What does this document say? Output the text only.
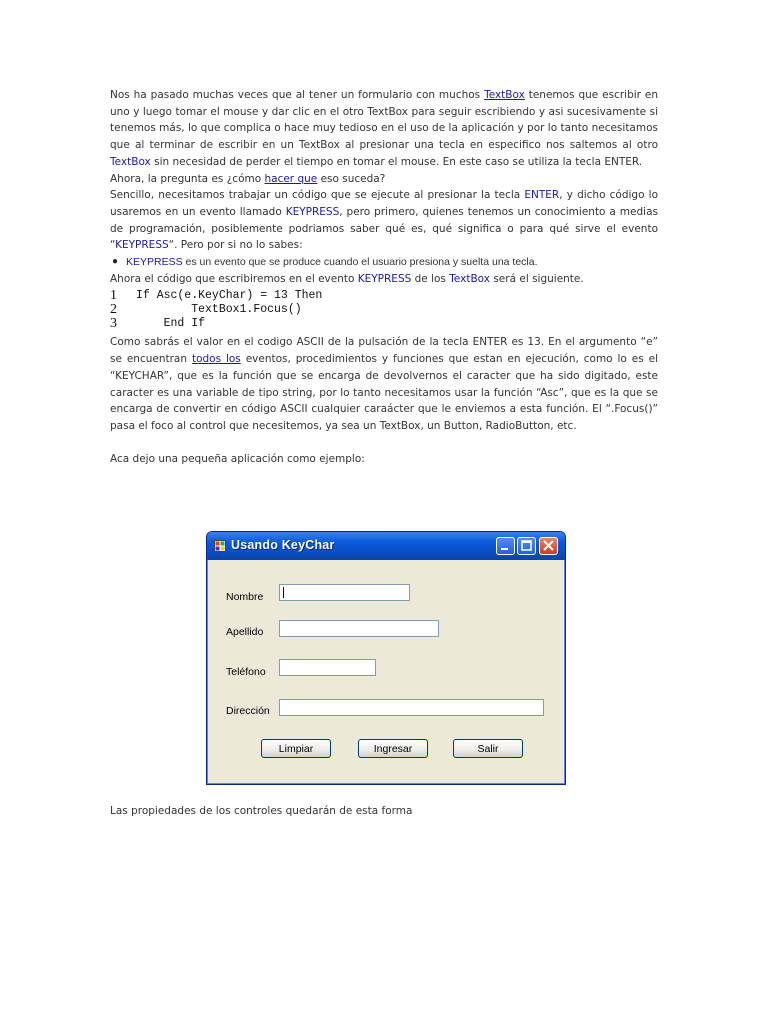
Nos ha pasado muchas veces que al tener un formulario con muchos TextBox tenemos que escribir en uno y luego tomar el mouse y dar clic en el otro TextBox para seguir escribiendo y asi sucesivamente si tenemos más, lo que complica o hace muy tedioso en el uso de la aplicación y por lo tanto necesitamos que al terminar de escribir en un TextBox al presionar una tecla en especifico nos saltemos al otro TextBox sin necesidad de perder el tiempo en tomar el mouse. En este caso se utiliza la tecla ENTER.

Ahora, la pregunta es ¿cómo hacer que eso suceda?

Sencillo, necesitamos trabajar un código que se ejecute al presionar la tecla ENTER, y dicho código lo usaremos en un evento llamado KEYPRESS, pero primero, quienes tenemos un conocimiento a medias de programación, posiblemente podriamos saber qué es, qué significa o para qué sirve el evento “KEYPRESS“. Pero por si no lo sabes:

● KEYPRESS es un evento que se produce cuando el usuario presiona y suelta una tecla.

Ahora el código que escribiremos en el evento KEYPRESS de los TextBox será el siguiente.

1	If Asc(e.KeyChar) = 13 Then
2	TextBox1.Focus()
3	End If

Como sabrás el valor en el codigo ASCII de la pulsación de la tecla ENTER es 13. En el argumento “e” se encuentran todos los eventos, procedimientos y funciones que estan en ejecución, como lo es el “KEYCHAR”, que es la función que se encarga de devolvernos el caracter que ha sido digitado, este caracter es una variable de tipo string, por lo tanto necesitamos usar la función “Asc”, que es la que se encarga de convertir en código ASCII cualquier caraácter que le enviemos a esta función. El “.Focus()” pasa el foco al control que necesitemos, ya sea un TextBox, un Button, RadioButton, etc.

Aca dejo una pequeña aplicación como ejemplo:

Usando KeyChar
Nombre
Apellido
Teléfono
Dirección
Limpiar	Ingresar	Salir
Las propiedades de los controles quedarán de esta forma
